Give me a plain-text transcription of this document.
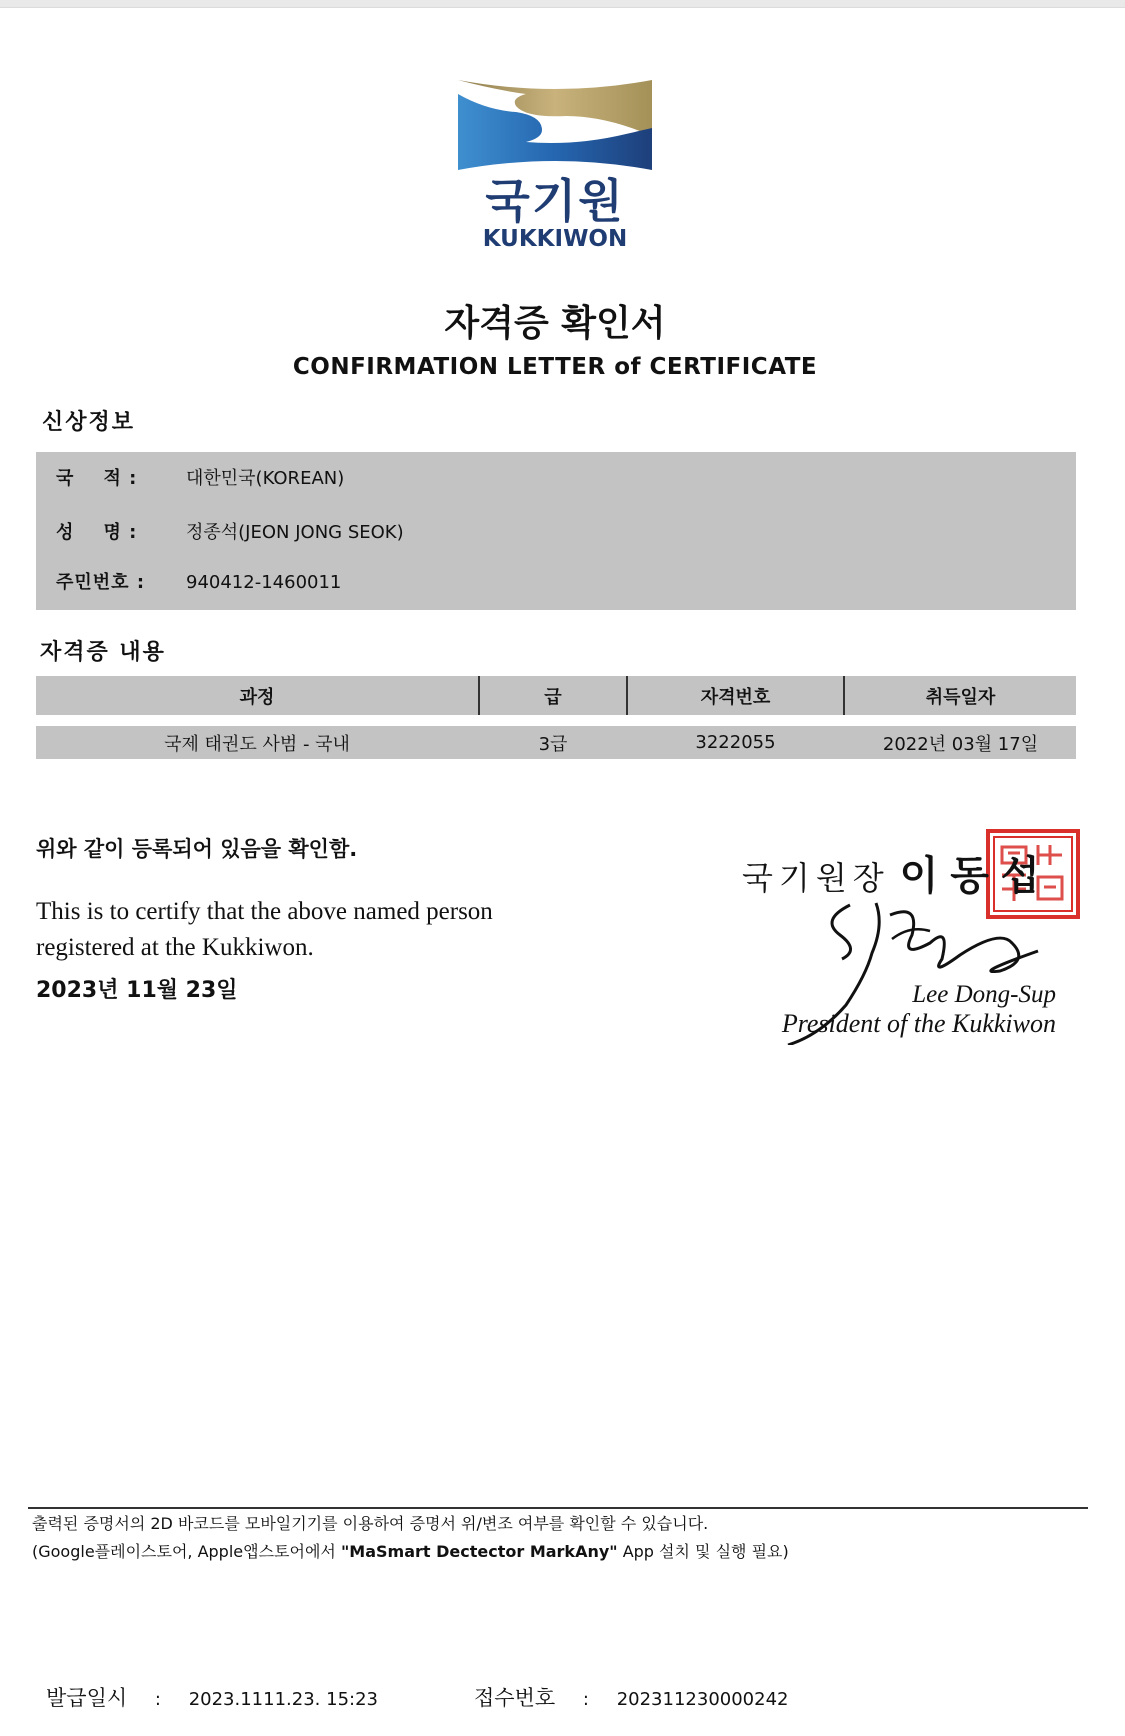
국기원
KUKKIWON
자격증 확인서
CONFIRMATION LETTER of CERTIFICATE
신상정보
국    적 :	대한민국(KOREAN)
성    명 :	정종석(JEON JONG SEOK)
주민번호 : 940412-1460011
자격증 내용
과정	급	자격번호	취득일자
국제 태권도 사범 - 국내	3급	3222055	2022년 03월 17일
위와 같이 등록되어 있음을 확인함.
This is to certify that the above named person registered at the Kukkiwon.
2023년 11월 23일
국기원장 이동섭
Lee Dong-Sup
President of the Kukkiwon
출력된 증명서의 2D 바코드를 모바일기기를 이용하여 증명서 위/변조 여부를 확인할 수 있습니다.
(Google플레이스토어, Apple앱스토어에서 "MaSmart Dectector MarkAny" App 설치 및 실행 필요)
발급일시 : 2023.1111.23. 15:23	접수번호 : 202311230000242
